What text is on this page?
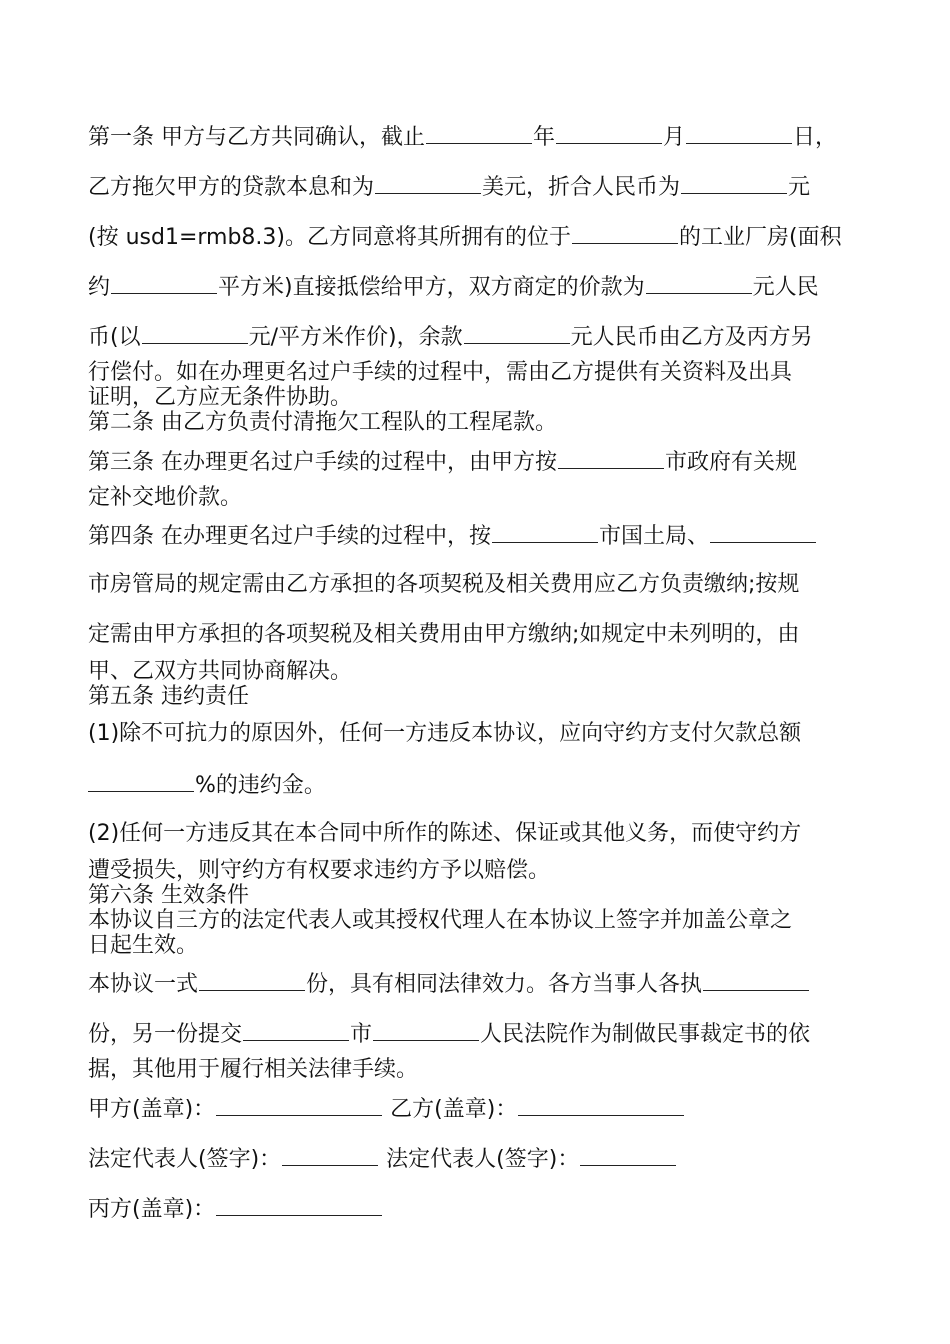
第一条 甲方与乙方共同确认，截止	年	月	日，
乙方拖欠甲方的贷款本息和为	美元，折合人民币为	元
(按 usd1=rmb8.3)。乙方同意将其所拥有的位于	的工业厂房(面积
约	平方米)直接抵偿给甲方，双方商定的价款为	元人民
币(以	元/平方米作价)，余款	元人民币由乙方及丙方另
行偿付。如在办理更名过户手续的过程中，需由乙方提供有关资料及出具
证明，乙方应无条件协助。
第二条 由乙方负责付清拖欠工程队的工程尾款。
第三条 在办理更名过户手续的过程中，由甲方按	市政府有关规
定补交地价款。
第四条 在办理更名过户手续的过程中，按	市国土局、
市房管局的规定需由乙方承担的各项契税及相关费用应乙方负责缴纳;按规
定需由甲方承担的各项契税及相关费用由甲方缴纳;如规定中未列明的，由
甲、乙双方共同协商解决。
第五条 违约责任
(1)除不可抗力的原因外，任何一方违反本协议，应向守约方支付欠款总额
%的违约金。
(2)任何一方违反其在本合同中所作的陈述、保证或其他义务，而使守约方
遭受损失，则守约方有权要求违约方予以赔偿。
第六条 生效条件
本协议自三方的法定代表人或其授权代理人在本协议上签字并加盖公章之
日起生效。
本协议一式	份，具有相同法律效力。各方当事人各执
份，另一份提交	市	人民法院作为制做民事裁定书的依
据，其他用于履行相关法律手续。
甲方(盖章)：	乙方(盖章)：
法定代表人(签字)：	法定代表人(签字)：
丙方(盖章)：
